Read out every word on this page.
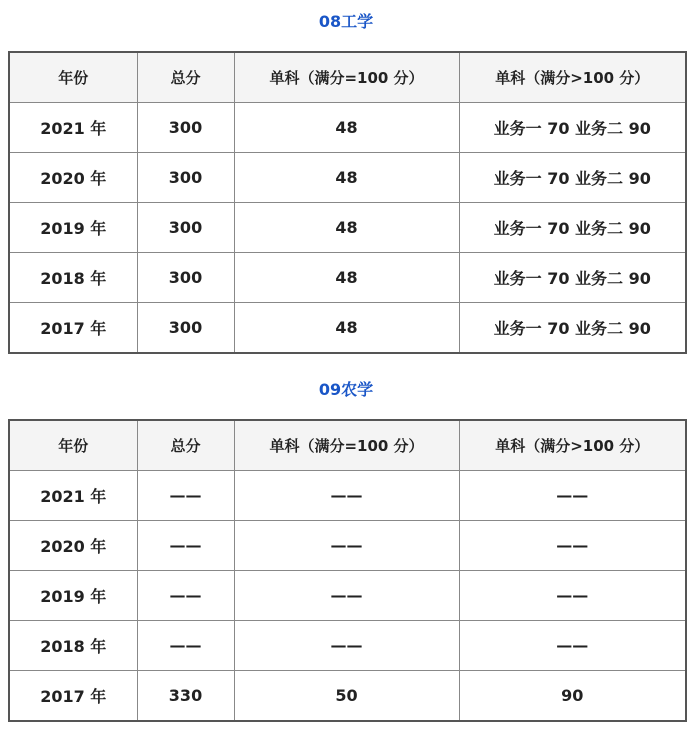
08工学
年份	总分	单科（满分=100 分）	单科（满分>100 分）
2021 年	300	48	业务一 70 业务二 90
2020 年	300	48	业务一 70 业务二 90
2019 年	300	48	业务一 70 业务二 90
2018 年	300	48	业务一 70 业务二 90
2017 年	300	48	业务一 70 业务二 90
09农学
年份	总分	单科（满分=100 分）	单科（满分>100 分）
2021 年	——	——	——
2020 年	——	——	——
2019 年	——	——	——
2018 年	——	——	——
2017 年	330	50	90
